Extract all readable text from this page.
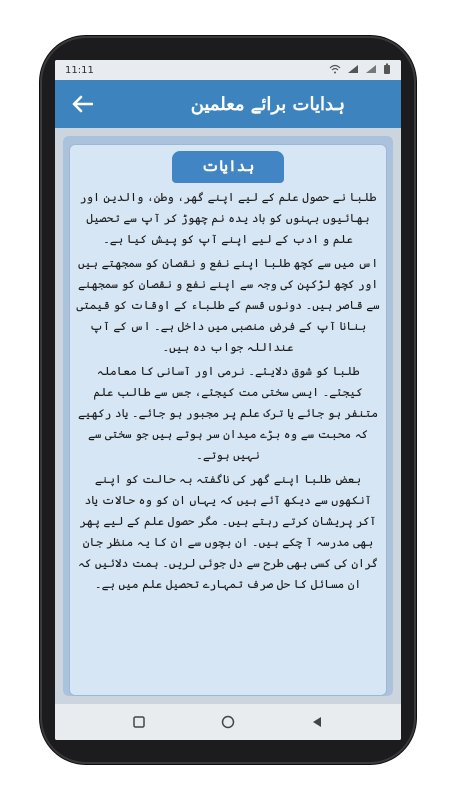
11:11
ہدایات برائے معلمین
ہدایات

طلبا نے حصول علم کے لیے اپنے گھر، وطن، والدین اور بھائیوں بہنوں کو باد یدہ نم چھوڑ کر آپ سے تحصیل علم و ادب کے لیے اپنے آپ کو پیش کیا ہے۔

اس میں سے کچھ طلبا اپنے نفع و نقصان کو سمجھتے ہیں اور کچھ لڑکپن کی وجہ سے اپنے نفع و نقصان کو سمجھنے سے قاصر ہیں۔ دونوں قسم کے طلباء کے اوقات کو قیمتی بنانا آپ کے فرض منصبی میں داخل ہے۔ اس کے آپ عنداللہ جواب دہ ہیں۔

طلبا کو شوق دلایئے۔ نرمی اور آسانی کا معاملہ کیجئے۔ ایسی سختی مت کیجئے، جس سے طالب علم متنفر ہو جائے یا ترک علم پر مجبور ہو جائے۔ یاد رکھیے کہ محبت سے وہ بڑے میدان سر ہوتے ہیں جو سختی سے نہیں ہوتے۔

بعض طلبا اپنے گھر کی ناگفتہ بہ حالت کو اپنے آنکھوں سے دیکھ آئے ہیں کہ یہاں ان کو وہ حالات یاد آکر پریشان کرتے رہتے ہیں۔ مگر حصول علم کے لیے پھر بھی مدرسہ آ چکے ہیں۔ ان بچوں سے ان کا یہ منظر جان گران کی کسی بھی طرح سے دل جوئی لریں۔ ہمت دلائیں کہ ان مسائل کا حل صرف تمہارے تحصیل علم میں ہے۔
